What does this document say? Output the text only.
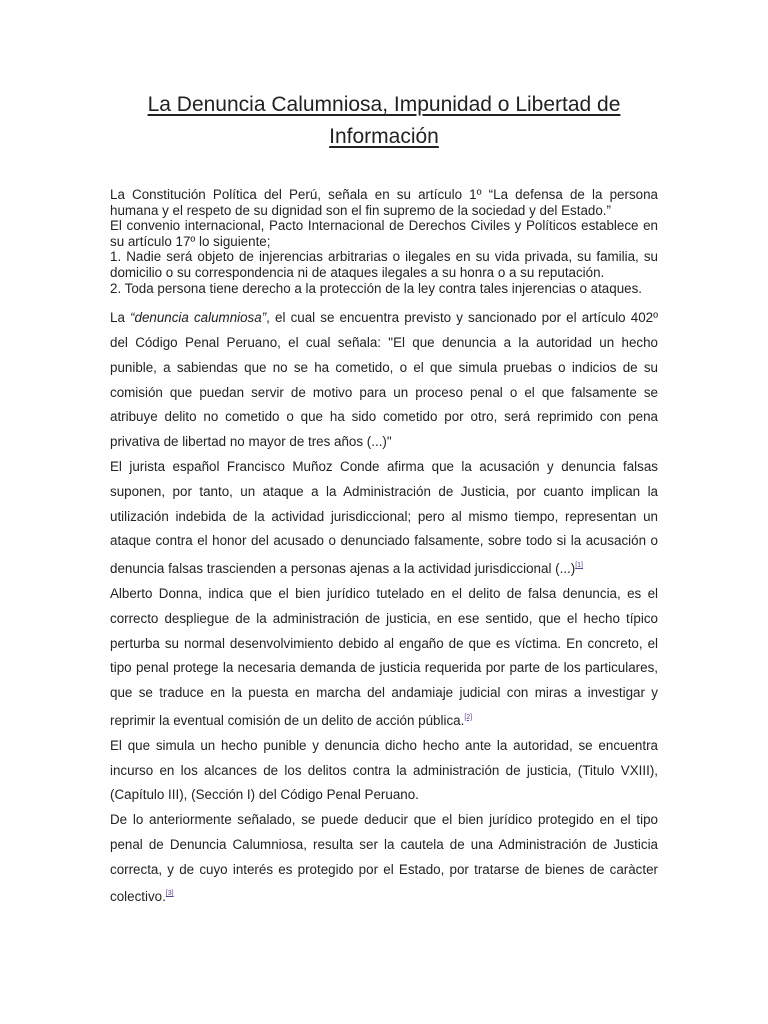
La Denuncia Calumniosa, Impunidad o Libertad de
Información

La Constitución Política del Perú, señala en su artículo 1º “La defensa de la persona humana y el respeto de su dignidad son el fin supremo de la sociedad y del Estado.”

El convenio internacional, Pacto Internacional de Derechos Civiles y Políticos establece en su artículo 17º lo siguiente;

1. Nadie será objeto de injerencias arbitrarias o ilegales en su vida privada, su familia, su domicilio o su correspondencia ni de ataques ilegales a su honra o a su reputación.

2. Toda persona tiene derecho a la protección de la ley contra tales injerencias o ataques.

La “denuncia calumniosa”, el cual se encuentra previsto y sancionado por el artículo 402º del Código Penal Peruano, el cual señala: "El que denuncia a la autoridad un hecho punible, a sabiendas que no se ha cometido, o el que simula pruebas o indicios de su comisión que puedan servir de motivo para un proceso penal o el que falsamente se atribuye delito no cometido o que ha sido cometido por otro, será reprimido con pena privativa de libertad no mayor de tres años (...)"

El jurista español Francisco Muñoz Conde afirma que la acusación y denuncia falsas suponen, por tanto, un ataque a la Administración de Justicia, por cuanto implican la utilización indebida de la actividad jurisdiccional; pero al mismo tiempo, representan un ataque contra el honor del acusado o denunciado falsamente, sobre todo si la acusación o denuncia falsas trascienden a personas ajenas a la actividad jurisdiccional (...)[1]

Alberto Donna, indica que el bien jurídico tutelado en el delito de falsa denuncia, es el correcto despliegue de la administración de justicia, en ese sentido, que el hecho típico perturba su normal desenvolvimiento debido al engaño de que es víctima. En concreto, el tipo penal protege la necesaria demanda de justicia requerida por parte de los particulares, que se traduce en la puesta en marcha del andamiaje judicial con miras a investigar y reprimir la eventual comisión de un delito de acción pública.[2]

El que simula un hecho punible y denuncia dicho hecho ante la autoridad, se encuentra incurso en los alcances de los delitos contra la administración de justicia, (Titulo VXIII), (Capítulo III), (Sección I) del Código Penal Peruano.

De lo anteriormente señalado, se puede deducir que el bien jurídico protegido en el tipo penal de Denuncia Calumniosa, resulta ser la cautela de una Administración de Justicia correcta, y de cuyo interés es protegido por el Estado, por tratarse de bienes de caràcter colectivo.[3]
